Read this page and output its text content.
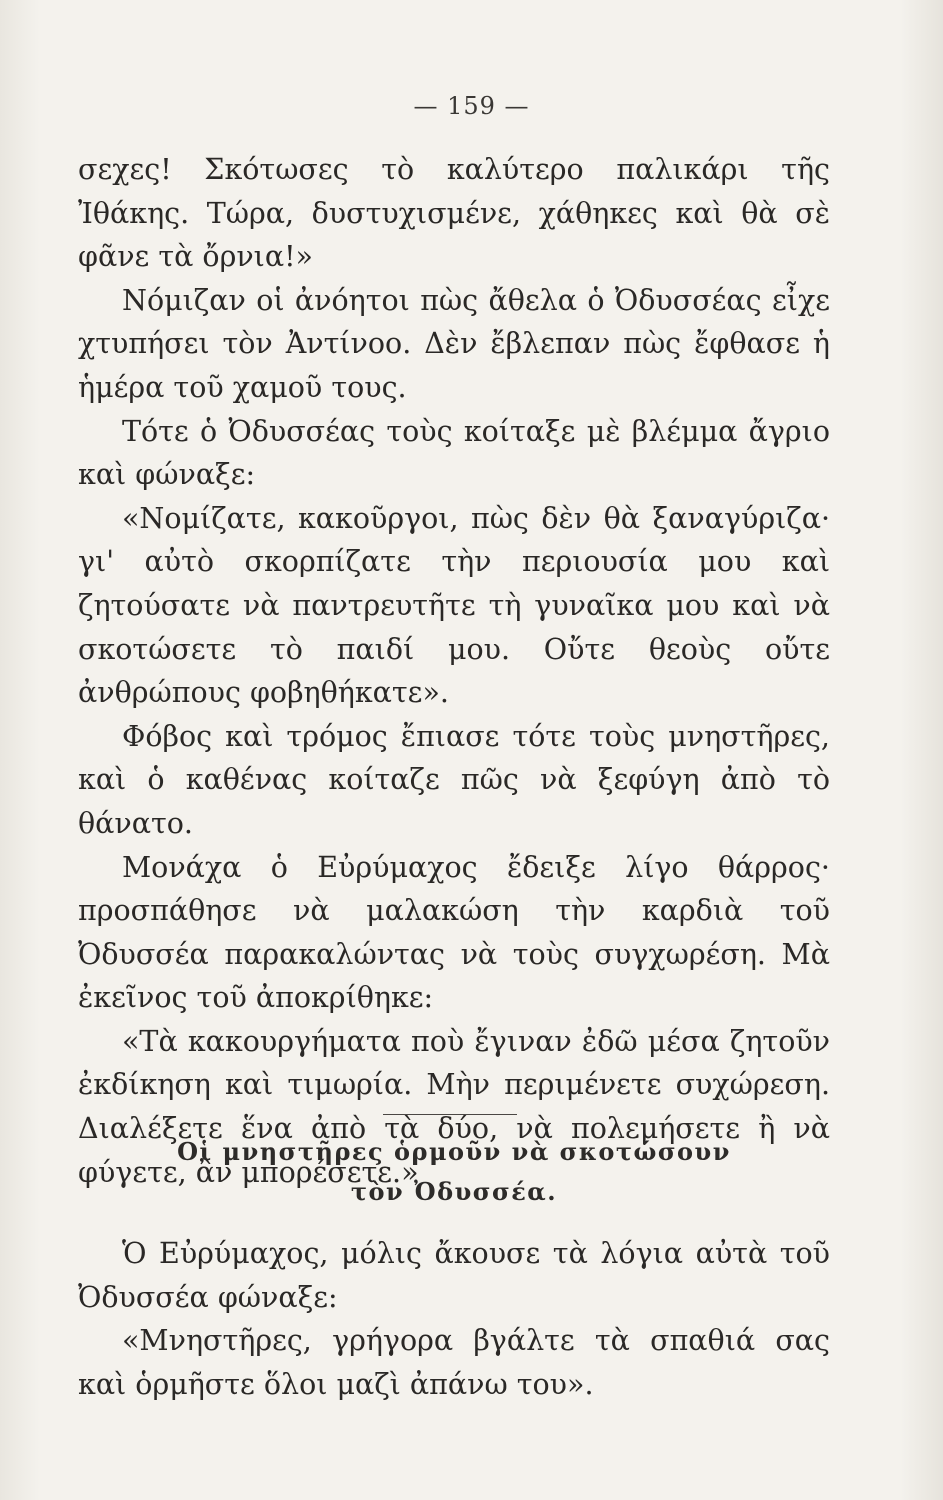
— 159 —

σεχες! Σκότωσες τὸ καλύτερο παλικάρι τῆς Ἰθάκης. Τώρα, δυστυχισμένε, χάθηκες καὶ θὰ σὲ φᾶνε τὰ ὄρνια!»

Νόμιζαν οἱ ἀνόητοι πὼς ἄθελα ὁ Ὀδυσσέας εἶχε χτυπήσει τὸν Ἀντίνοο. Δὲν ἔβλεπαν πὼς ἔφθασε ἡ ἡμέρα τοῦ χαμοῦ τους.

Τότε ὁ Ὀδυσσέας τοὺς κοίταξε μὲ βλέμμα ἄγριο καὶ φώναξε:

«Νομίζατε, κακοῦργοι, πὼς δὲν θὰ ξαναγύριζα· γι' αὐτὸ σκορπίζατε τὴν περιουσία μου καὶ ζητούσατε νὰ παντρευτῆτε τὴ γυναῖκα μου καὶ νὰ σκοτώσετε τὸ παιδί μου. Οὔτε θεοὺς οὔτε ἀνθρώπους φοβηθήκατε».

Φόβος καὶ τρόμος ἔπιασε τότε τοὺς μνηστῆρες, καὶ ὁ καθένας κοίταζε πῶς νὰ ξεφύγη ἀπὸ τὸ θάνατο.

Μονάχα ὁ Εὐρύμαχος ἔδειξε λίγο θάρρος· προσπάθησε νὰ μαλακώση τὴν καρδιὰ τοῦ Ὀδυσσέα παρακαλώντας νὰ τοὺς συγχωρέση. Μὰ ἐκεῖνος τοῦ ἀποκρίθηκε:

«Τὰ κακουργήματα ποὺ ἔγιναν ἐδῶ μέσα ζητοῦν ἐκδίκηση καὶ τιμωρία. Μὴν περιμένετε συχώρεση. Διαλέξετε ἕνα ἀπὸ τὰ δύο, νὰ πολεμήσετε ἢ νὰ φύγετε, ἂν μπορέσετε.»

Οἱ μνηστῆρες ὁρμοῦν νὰ σκοτώσουν
τὸν Ὀδυσσέα.

Ὁ Εὐρύμαχος, μόλις ἄκουσε τὰ λόγια αὐτὰ τοῦ Ὀδυσσέα φώναξε:

«Μνηστῆρες, γρήγορα βγάλτε τὰ σπαθιά σας καὶ ὁρμῆστε ὅλοι μαζὶ ἀπάνω του».
